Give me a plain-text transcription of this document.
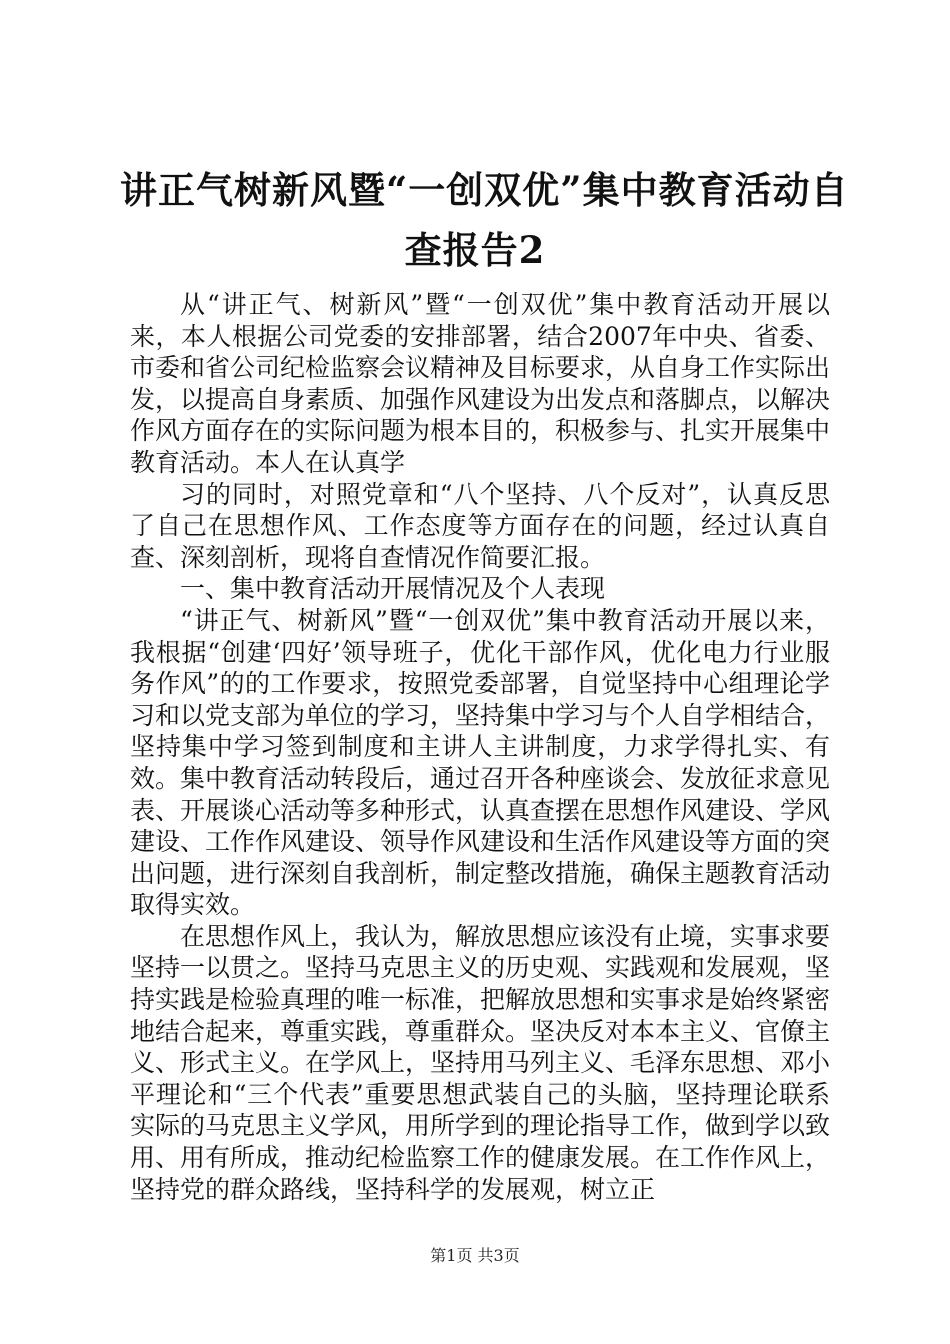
讲正气树新风暨“一创双优”集中教育活动自
查报告2

从“讲正气、树新风”暨“一创双优”集中教育活动开展以来，本人根据公司党委的安排部署，结合2007年中央、省委、市委和省公司纪检监察会议精神及目标要求，从自身工作实际出发，以提高自身素质、加强作风建设为出发点和落脚点，以解决作风方面存在的实际问题为根本目的，积极参与、扎实开展集中教育活动。本人在认真学

习的同时，对照党章和“八个坚持、八个反对”，认真反思了自己在思想作风、工作态度等方面存在的问题，经过认真自查、深刻剖析，现将自查情况作简要汇报。

一、集中教育活动开展情况及个人表现

“讲正气、树新风”暨“一创双优”集中教育活动开展以来，我根据“创建‘四好’领导班子，优化干部作风，优化电力行业服务作风”的的工作要求，按照党委部署，自觉坚持中心组理论学习和以党支部为单位的学习，坚持集中学习与个人自学相结合，坚持集中学习签到制度和主讲人主讲制度，力求学得扎实、有效。集中教育活动转段后，通过召开各种座谈会、发放征求意见表、开展谈心活动等多种形式，认真查摆在思想作风建设、学风建设、工作作风建设、领导作风建设和生活作风建设等方面的突出问题，进行深刻自我剖析，制定整改措施，确保主题教育活动取得实效。

在思想作风上，我认为，解放思想应该没有止境，实事求要坚持一以贯之。坚持马克思主义的历史观、实践观和发展观，坚持实践是检验真理的唯一标准，把解放思想和实事求是始终紧密地结合起来，尊重实践，尊重群众。坚决反对本本主义、官僚主义、形式主义。在学风上，坚持用马列主义、毛泽东思想、邓小平理论和“三个代表”重要思想武装自己的头脑，坚持理论联系实际的马克思主义学风，用所学到的理论指导工作，做到学以致用、用有所成，推动纪检监察工作的健康发展。在工作作风上，坚持党的群众路线，坚持科学的发展观，树立正

第1页 共3页
